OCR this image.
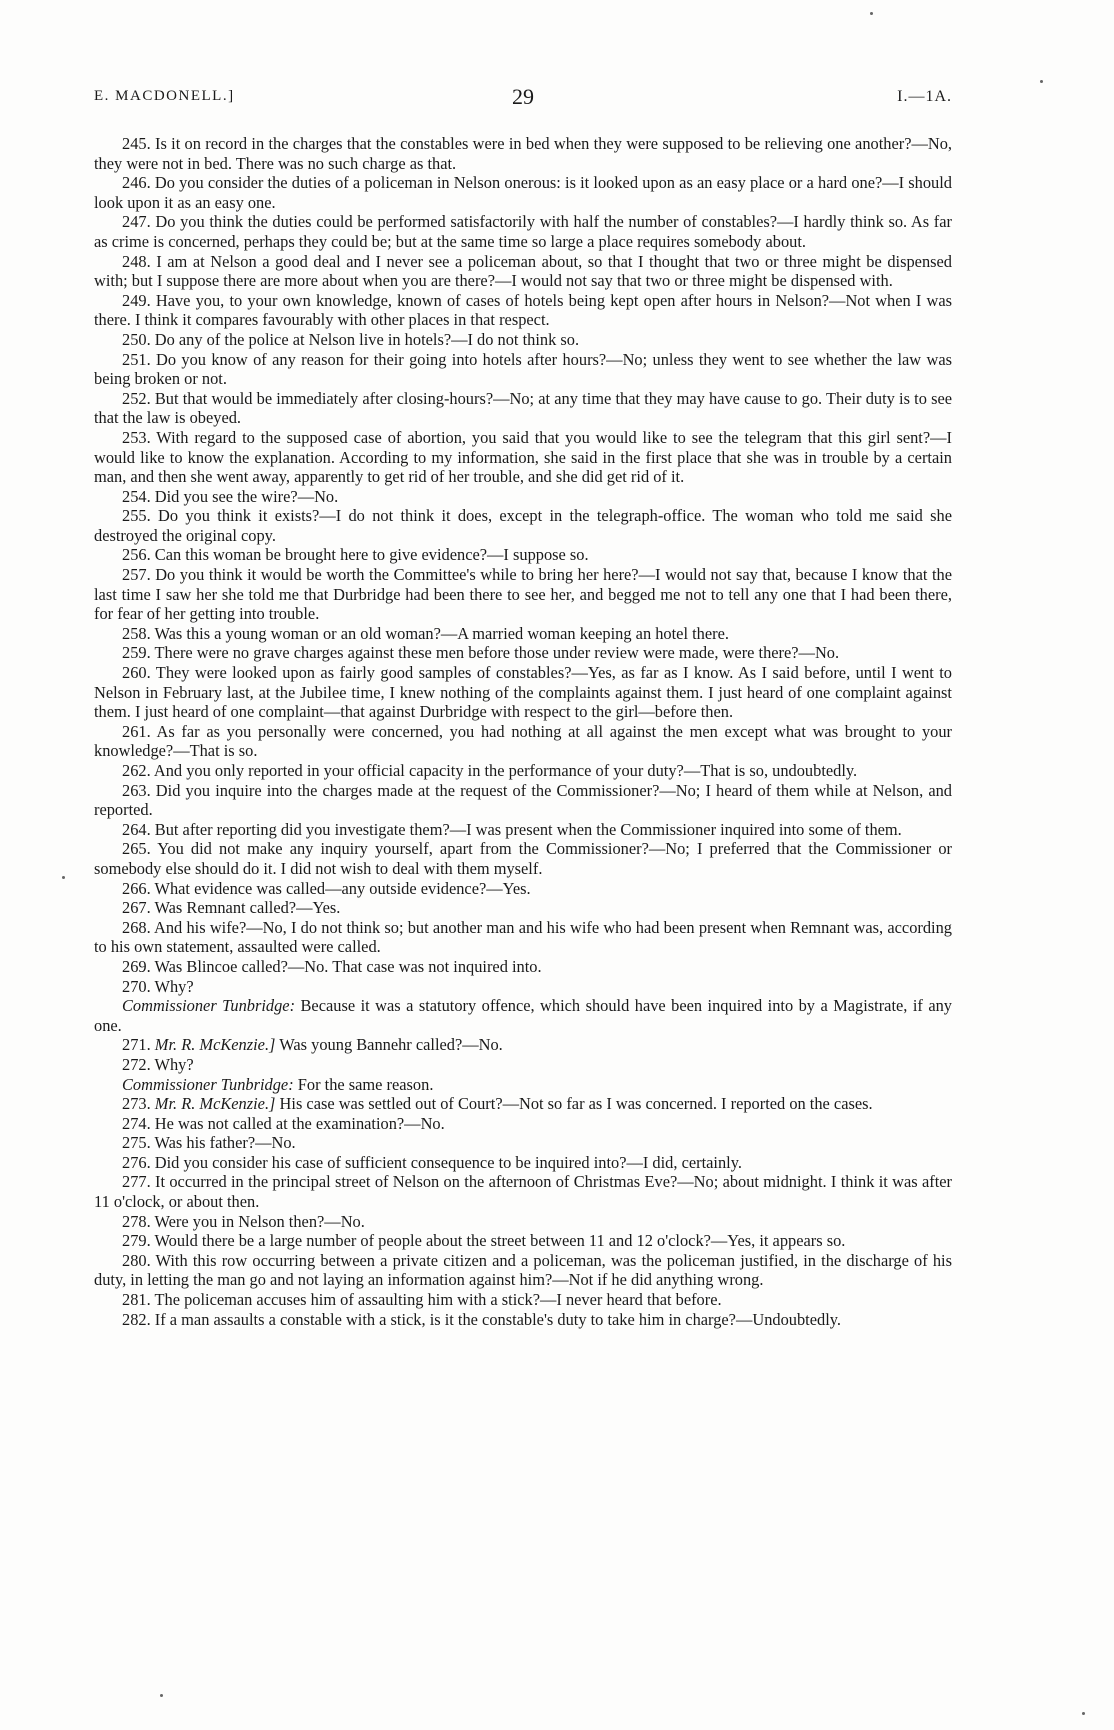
E. MACDONELL.]	29	I.—1A.

245. Is it on record in the charges that the constables were in bed when they were supposed to be relieving one another?—No, they were not in bed. There was no such charge as that.

246. Do you consider the duties of a policeman in Nelson onerous: is it looked upon as an easy place or a hard one?—I should look upon it as an easy one.

247. Do you think the duties could be performed satisfactorily with half the number of constables?—I hardly think so. As far as crime is concerned, perhaps they could be; but at the same time so large a place requires somebody about.

248. I am at Nelson a good deal and I never see a policeman about, so that I thought that two or three might be dispensed with; but I suppose there are more about when you are there?—I would not say that two or three might be dispensed with.

249. Have you, to your own knowledge, known of cases of hotels being kept open after hours in Nelson?—Not when I was there. I think it compares favourably with other places in that respect.

250. Do any of the police at Nelson live in hotels?—I do not think so.

251. Do you know of any reason for their going into hotels after hours?—No; unless they went to see whether the law was being broken or not.

252. But that would be immediately after closing-hours?—No; at any time that they may have cause to go. Their duty is to see that the law is obeyed.

253. With regard to the supposed case of abortion, you said that you would like to see the telegram that this girl sent?—I would like to know the explanation. According to my information, she said in the first place that she was in trouble by a certain man, and then she went away, apparently to get rid of her trouble, and she did get rid of it.

254. Did you see the wire?—No.

255. Do you think it exists?—I do not think it does, except in the telegraph-office. The woman who told me said she destroyed the original copy.

256. Can this woman be brought here to give evidence?—I suppose so.

257. Do you think it would be worth the Committee's while to bring her here?—I would not say that, because I know that the last time I saw her she told me that Durbridge had been there to see her, and begged me not to tell any one that I had been there, for fear of her getting into trouble.

258. Was this a young woman or an old woman?—A married woman keeping an hotel there.

259. There were no grave charges against these men before those under review were made, were there?—No.

260. They were looked upon as fairly good samples of constables?—Yes, as far as I know. As I said before, until I went to Nelson in February last, at the Jubilee time, I knew nothing of the complaints against them. I just heard of one complaint against them. I just heard of one complaint—that against Durbridge with respect to the girl—before then.

261. As far as you personally were concerned, you had nothing at all against the men except what was brought to your knowledge?—That is so.

262. And you only reported in your official capacity in the performance of your duty?—That is so, undoubtedly.

263. Did you inquire into the charges made at the request of the Commissioner?—No; I heard of them while at Nelson, and reported.

264. But after reporting did you investigate them?—I was present when the Commissioner inquired into some of them.

265. You did not make any inquiry yourself, apart from the Commissioner?—No; I preferred that the Commissioner or somebody else should do it. I did not wish to deal with them myself.

266. What evidence was called—any outside evidence?—Yes.

267. Was Remnant called?—Yes.

268. And his wife?—No, I do not think so; but another man and his wife who had been present when Remnant was, according to his own statement, assaulted were called.

269. Was Blincoe called?—No. That case was not inquired into.

270. Why?

Commissioner Tunbridge: Because it was a statutory offence, which should have been inquired into by a Magistrate, if any one.

271. Mr. R. McKenzie.] Was young Bannehr called?—No.

272. Why?

Commissioner Tunbridge: For the same reason.

273. Mr. R. McKenzie.] His case was settled out of Court?—Not so far as I was concerned. I reported on the cases.

274. He was not called at the examination?—No.

275. Was his father?—No.

276. Did you consider his case of sufficient consequence to be inquired into?—I did, certainly.

277. It occurred in the principal street of Nelson on the afternoon of Christmas Eve?—No; about midnight. I think it was after 11 o'clock, or about then.

278. Were you in Nelson then?—No.

279. Would there be a large number of people about the street between 11 and 12 o'clock?—Yes, it appears so.

280. With this row occurring between a private citizen and a policeman, was the policeman justified, in the discharge of his duty, in letting the man go and not laying an information against him?—Not if he did anything wrong.

281. The policeman accuses him of assaulting him with a stick?—I never heard that before.

282. If a man assaults a constable with a stick, is it the constable's duty to take him in charge?—Undoubtedly.
